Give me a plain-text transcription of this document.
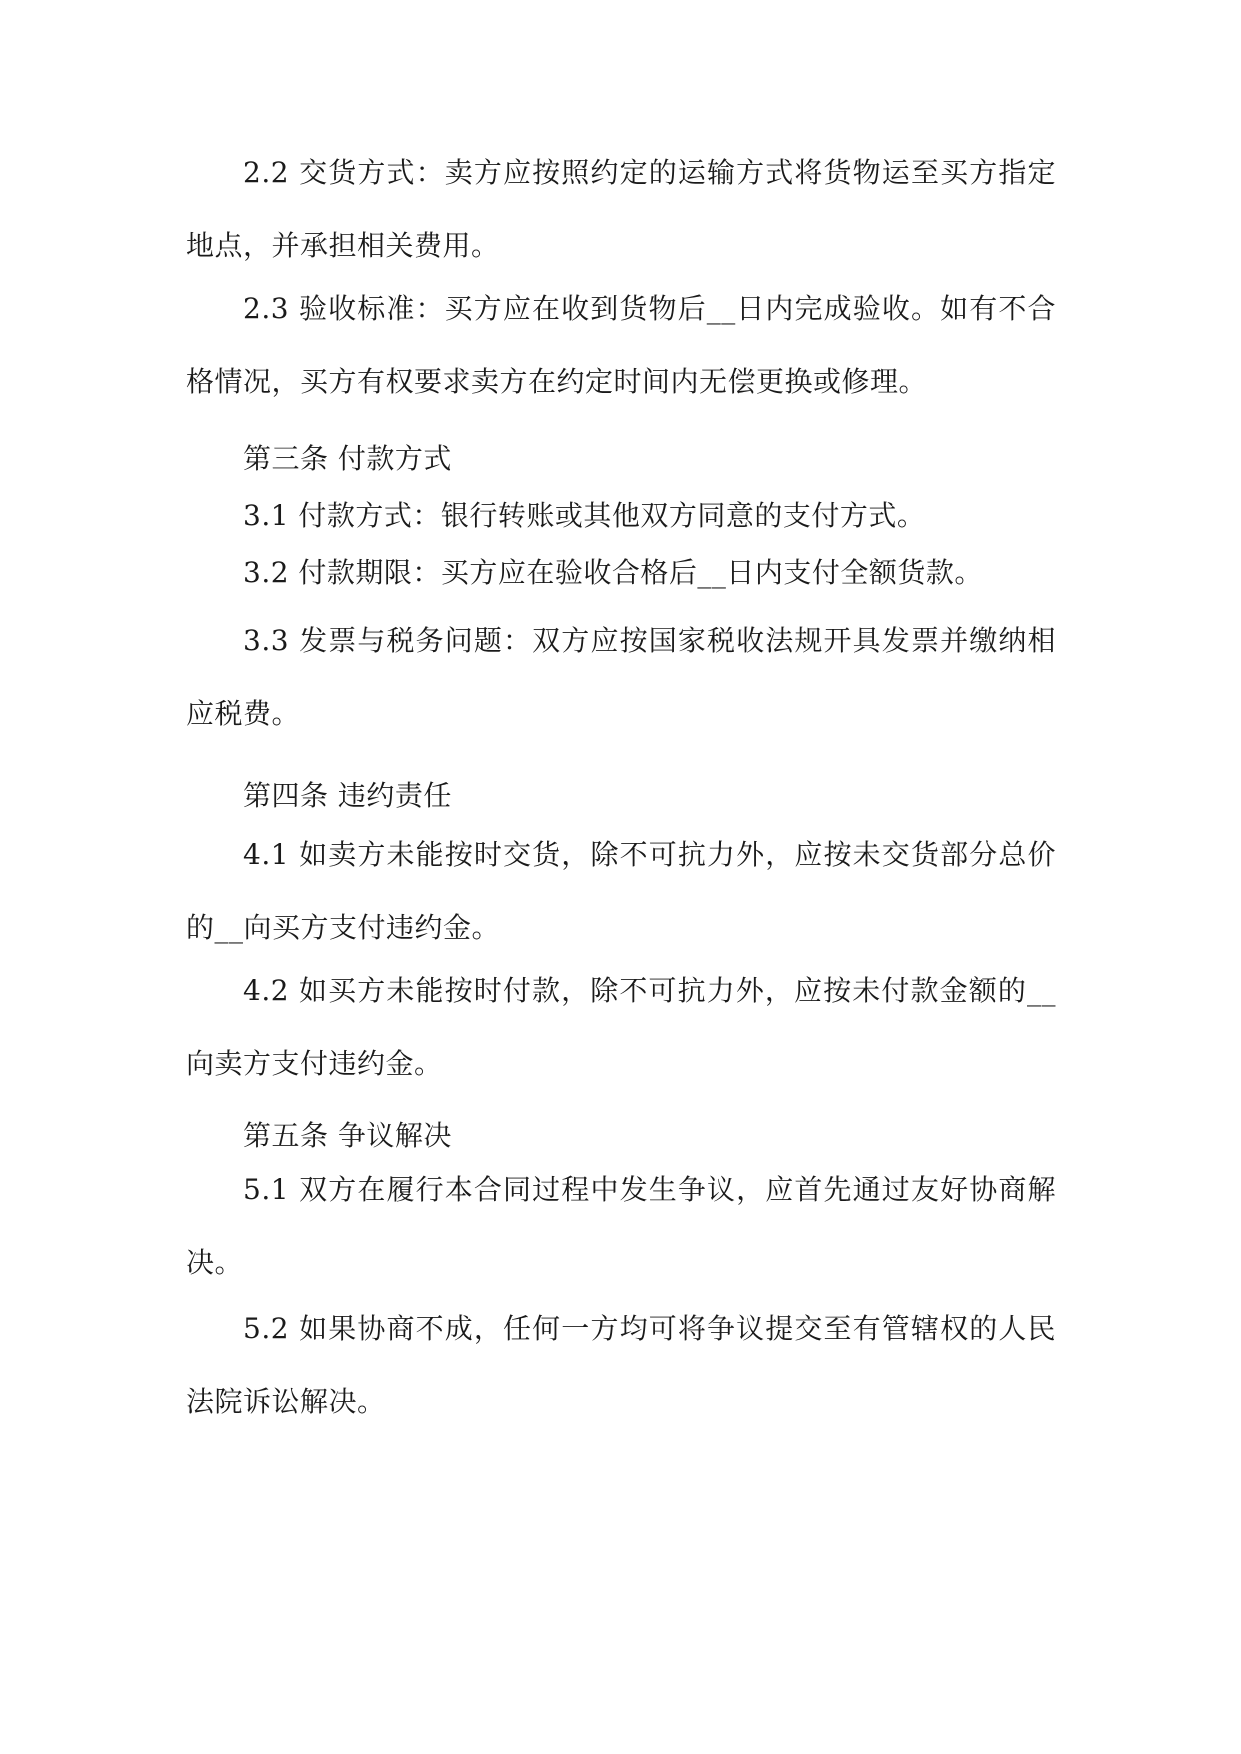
2.2 交货方式：卖方应按照约定的运输方式将货物运至买方指定地点，并承担相关费用。

2.3 验收标准：买方应在收到货物后__日内完成验收。如有不合格情况，买方有权要求卖方在约定时间内无偿更换或修理。

第三条 付款方式

3.1 付款方式：银行转账或其他双方同意的支付方式。

3.2 付款期限：买方应在验收合格后__日内支付全额货款。

3.3 发票与税务问题：双方应按国家税收法规开具发票并缴纳相应税费。

第四条 违约责任

4.1 如卖方未能按时交货，除不可抗力外，应按未交货部分总价的__向买方支付违约金。

4.2 如买方未能按时付款，除不可抗力外，应按未付款金额的__向卖方支付违约金。

第五条 争议解决

5.1 双方在履行本合同过程中发生争议，应首先通过友好协商解决。

5.2 如果协商不成，任何一方均可将争议提交至有管辖权的人民法院诉讼解决。
